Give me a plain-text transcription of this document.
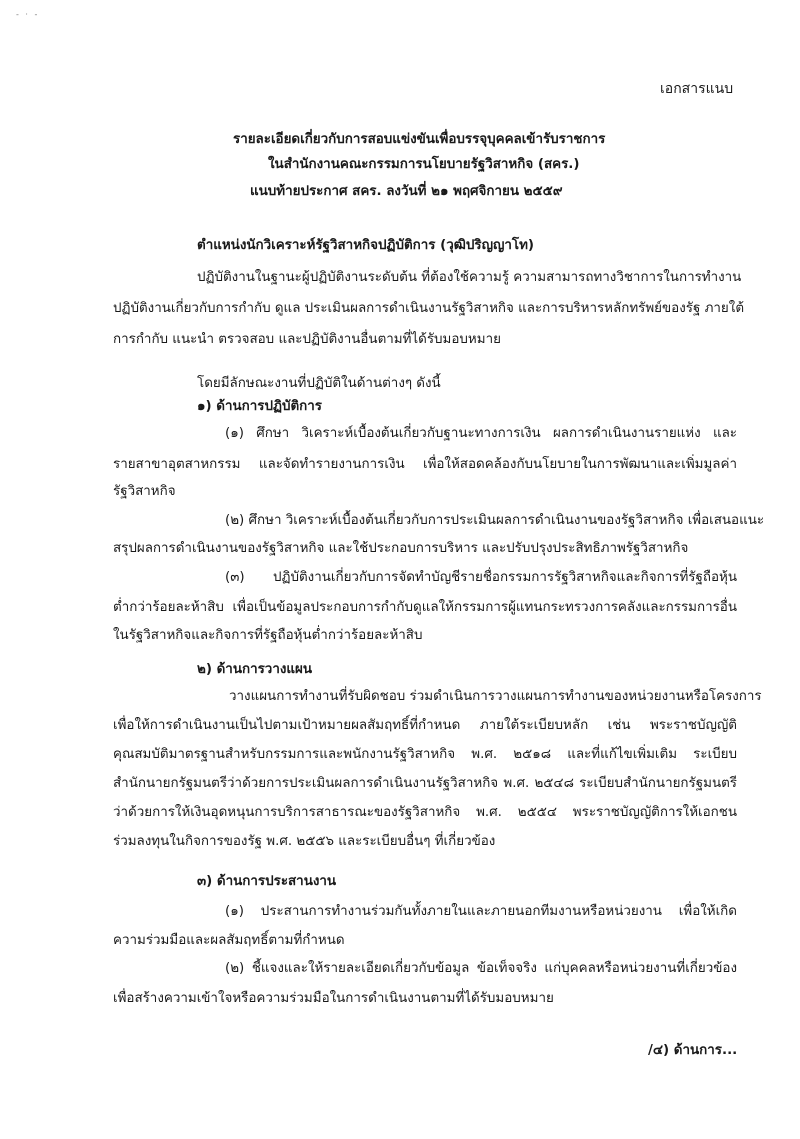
- · -
เอกสารแนบ
รายละเอียดเกี่ยวกับการสอบแข่งขันเพื่อบรรจุบุคคลเข้ารับราชการ
ในสำนักงานคณะกรรมการนโยบายรัฐวิสาหกิจ (สคร.)
แนบท้ายประกาศ สคร. ลงวันที่ ๒๑ พฤศจิกายน ๒๕๕๙
ตำแหน่งนักวิเคราะห์รัฐวิสาหกิจปฏิบัติการ (วุฒิปริญญาโท)
ปฏิบัติงานในฐานะผู้ปฏิบัติงานระดับต้น ที่ต้องใช้ความรู้ ความสามารถทางวิชาการในการทำงาน
ปฏิบัติงานเกี่ยวกับการกำกับ ดูแล ประเมินผลการดำเนินงานรัฐวิสาหกิจ และการบริหารหลักทรัพย์ของรัฐ ภายใต้
การกำกับ แนะนำ ตรวจสอบ และปฏิบัติงานอื่นตามที่ได้รับมอบหมาย
โดยมีลักษณะงานที่ปฏิบัติในด้านต่างๆ ดังนี้
๑) ด้านการปฏิบัติการ
(๑) ศึกษา วิเคราะห์เบื้องต้นเกี่ยวกับฐานะทางการเงิน ผลการดำเนินงานรายแห่ง และ
รายสาขาอุตสาหกรรม และจัดทำรายงานการเงิน เพื่อให้สอดคล้องกับนโยบายในการพัฒนาและเพิ่มมูลค่า
รัฐวิสาหกิจ
(๒) ศึกษา วิเคราะห์เบื้องต้นเกี่ยวกับการประเมินผลการดำเนินงานของรัฐวิสาหกิจ เพื่อเสนอแนะ
สรุปผลการดำเนินงานของรัฐวิสาหกิจ และใช้ประกอบการบริหาร และปรับปรุงประสิทธิภาพรัฐวิสาหกิจ
(๓) ปฏิบัติงานเกี่ยวกับการจัดทำบัญชีรายชื่อกรรมการรัฐวิสาหกิจและกิจการที่รัฐถือหุ้น
ต่ำกว่าร้อยละห้าสิบ เพื่อเป็นข้อมูลประกอบการกำกับดูแลให้กรรมการผู้แทนกระทรวงการคลังและกรรมการอื่น
ในรัฐวิสาหกิจและกิจการที่รัฐถือหุ้นต่ำกว่าร้อยละห้าสิบ
๒) ด้านการวางแผน
วางแผนการทำงานที่รับผิดชอบ ร่วมดำเนินการวางแผนการทำงานของหน่วยงานหรือโครงการ
เพื่อให้การดำเนินงานเป็นไปตามเป้าหมายผลสัมฤทธิ์ที่กำหนด ภายใต้ระเบียบหลัก เช่น พระราชบัญญัติ
คุณสมบัติมาตรฐานสำหรับกรรมการและพนักงานรัฐวิสาหกิจ พ.ศ. ๒๕๑๘ และที่แก้ไขเพิ่มเติม ระเบียบ
สำนักนายกรัฐมนตรีว่าด้วยการประเมินผลการดำเนินงานรัฐวิสาหกิจ พ.ศ. ๒๕๔๘ ระเบียบสำนักนายกรัฐมนตรี
ว่าด้วยการให้เงินอุดหนุนการบริการสาธารณะของรัฐวิสาหกิจ พ.ศ. ๒๕๕๔ พระราชบัญญัติการให้เอกชน
ร่วมลงทุนในกิจการของรัฐ พ.ศ. ๒๕๕๖ และระเบียบอื่นๆ ที่เกี่ยวข้อง
๓) ด้านการประสานงาน
(๑) ประสานการทำงานร่วมกันทั้งภายในและภายนอกทีมงานหรือหน่วยงาน เพื่อให้เกิด
ความร่วมมือและผลสัมฤทธิ์ตามที่กำหนด
(๒) ชี้แจงและให้รายละเอียดเกี่ยวกับข้อมูล ข้อเท็จจริง แก่บุคคลหรือหน่วยงานที่เกี่ยวข้อง
เพื่อสร้างความเข้าใจหรือความร่วมมือในการดำเนินงานตามที่ได้รับมอบหมาย
/๔) ด้านการ...
